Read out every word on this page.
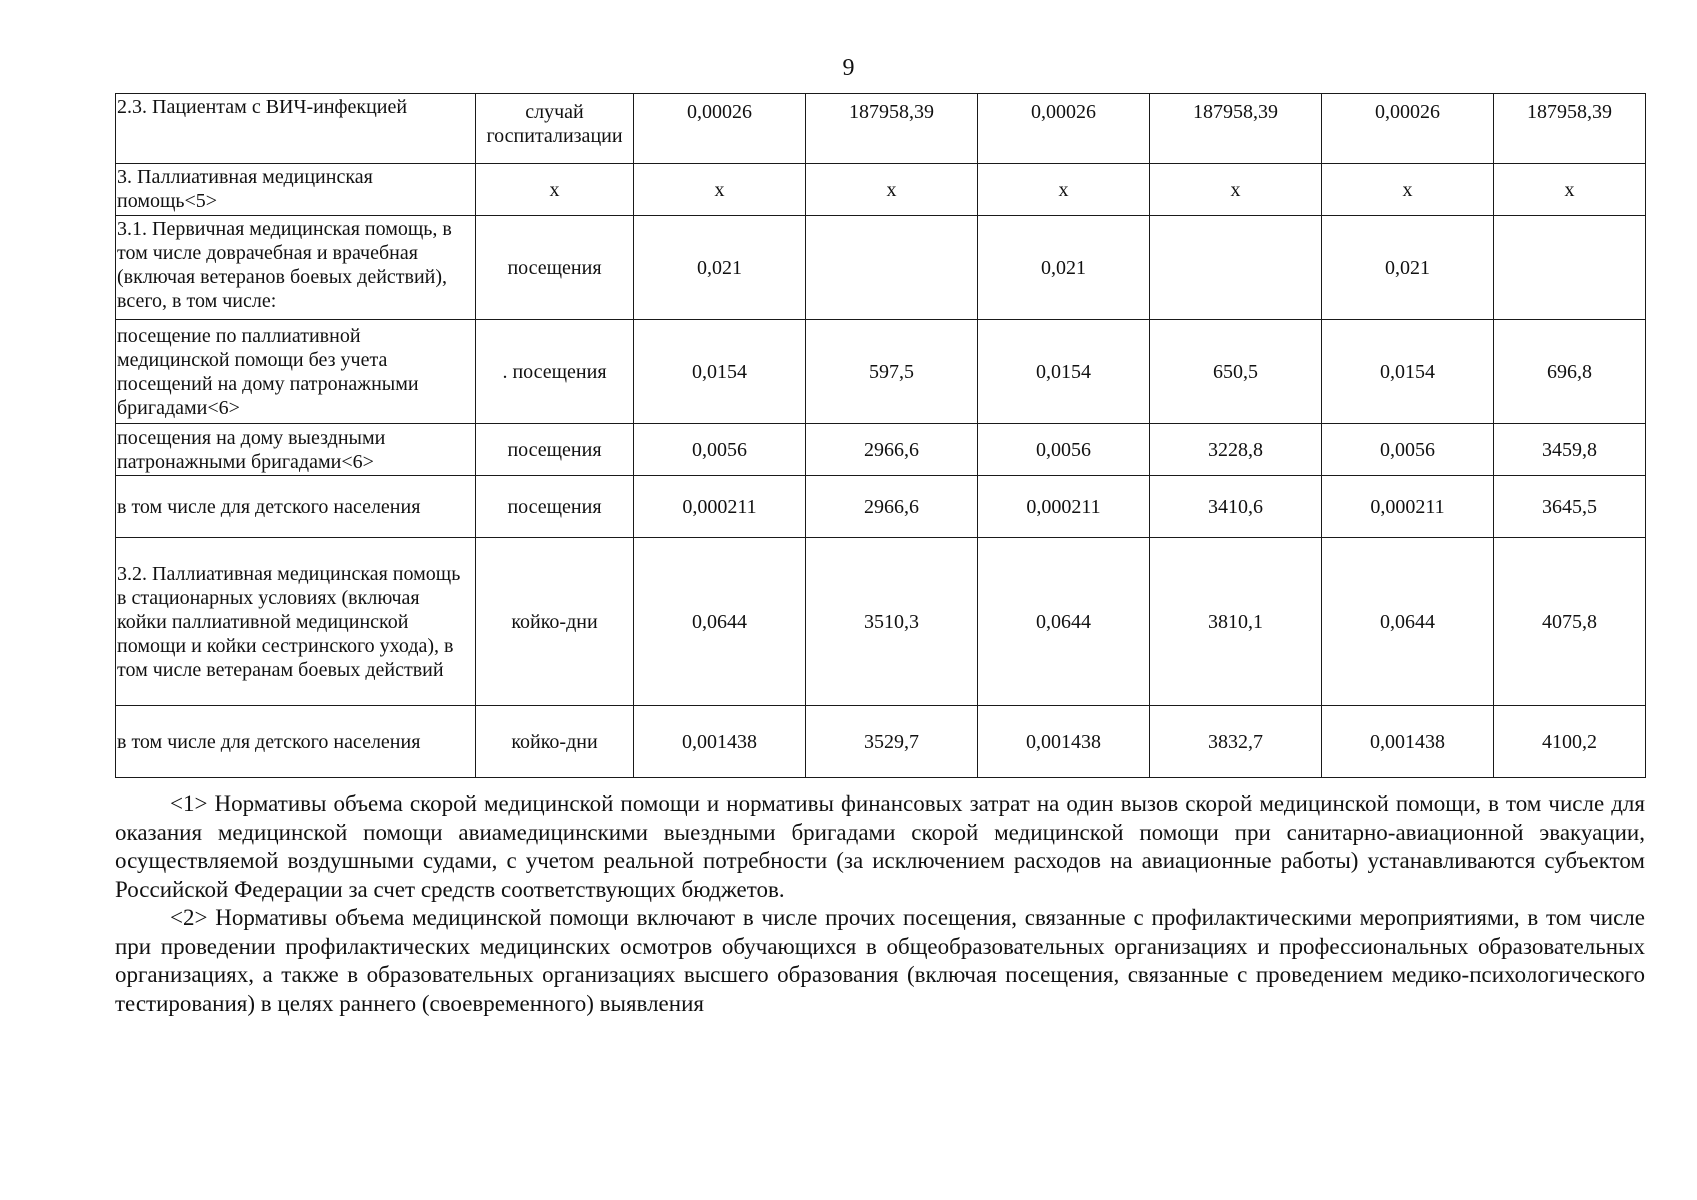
9
2.3. Пациентам с ВИЧ-инфекцией	случай госпитализации	0,00026	187958,39	0,00026	187958,39	0,00026	187958,39
3. Паллиативная медицинская помощь<5>	х	х	х	х	х	х	х
3.1. Первичная медицинская помощь, в том числе доврачебная и врачебная (включая ветеранов боевых действий), всего, в том числе:	посещения	0,021		0,021		0,021	
посещение по паллиативной медицинской помощи без учета посещений на дому патронажными бригадами<6>	. посещения	0,0154	597,5	0,0154	650,5	0,0154	696,8
посещения на дому выездными патронажными бригадами<6>	посещения	0,0056	2966,6	0,0056	3228,8	0,0056	3459,8
в том числе для детского населения	посещения	0,000211	2966,6	0,000211	3410,6	0,000211	3645,5
3.2. Паллиативная медицинская помощь в стационарных условиях (включая койки паллиативной медицинской помощи и койки сестринского ухода), в том числе ветеранам боевых действий	койко-дни	0,0644	3510,3	0,0644	3810,1	0,0644	4075,8
в том числе для детского населения	койко-дни	0,001438	3529,7	0,001438	3832,7	0,001438	4100,2

<1> Нормативы объема скорой медицинской помощи и нормативы финансовых затрат на один вызов скорой медицинской помощи, в том числе для оказания медицинской помощи авиамедицинскими выездными бригадами скорой медицинской помощи при санитарно-авиационной эвакуации, осуществляемой воздушными судами, с учетом реальной потребности (за исключением расходов на авиационные работы) устанавливаются субъектом Российской Федерации за счет средств соответствующих бюджетов.

<2> Нормативы объема медицинской помощи включают в числе прочих посещения, связанные с профилактическими мероприятиями, в том числе при проведении профилактических медицинских осмотров обучающихся в общеобразовательных организациях и профессиональных образовательных организациях, а также в образовательных организациях высшего образования (включая посещения, связанные с проведением медико-психологического тестирования) в целях раннего (своевременного) выявления
